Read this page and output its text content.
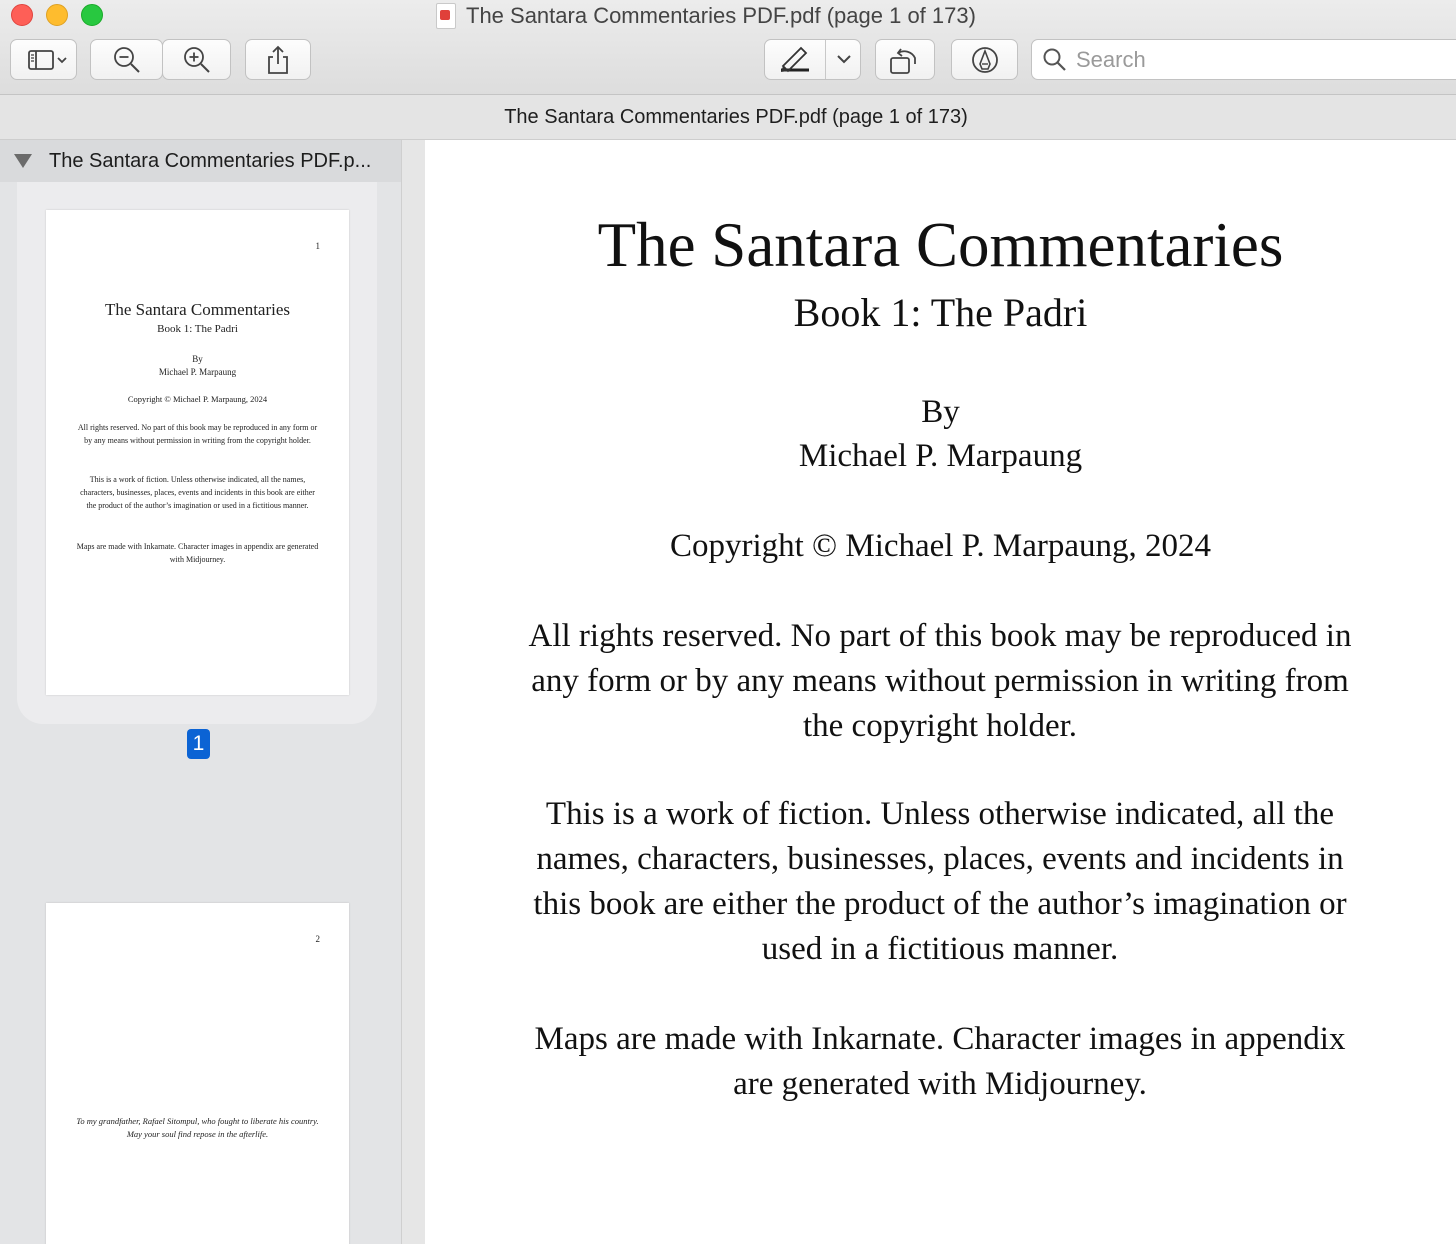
The Santara Commentaries PDF.pdf (page 1 of 173)
Search
The Santara Commentaries PDF.pdf (page 1 of 173)
The Santara Commentaries PDF.p...
1
The Santara Commentaries
Book 1: The Padri
By
Michael P. Marpaung
Copyright © Michael P. Marpaung, 2024
All rights reserved. No part of this book may be reproduced in any form or by any means without permission in writing from the copyright holder.
This is a work of fiction. Unless otherwise indicated, all the names, characters, businesses, places, events and incidents in this book are either the product of the author’s imagination or used in a fictitious manner.
Maps are made with Inkarnate. Character images in appendix are generated with Midjourney.
1
2
To my grandfather, Rafael Sitompul, who fought to liberate his country. May your soul find repose in the afterlife.
The Santara Commentaries
Book 1: The Padri
By
Michael P. Marpaung
Copyright © Michael P. Marpaung, 2024
All rights reserved. No part of this book may be reproduced in any form or by any means without permission in writing from the copyright holder.
This is a work of fiction. Unless otherwise indicated, all the names, characters, businesses, places, events and incidents in this book are either the product of the author’s imagination or used in a fictitious manner.
Maps are made with Inkarnate. Character images in appendix are generated with Midjourney.
